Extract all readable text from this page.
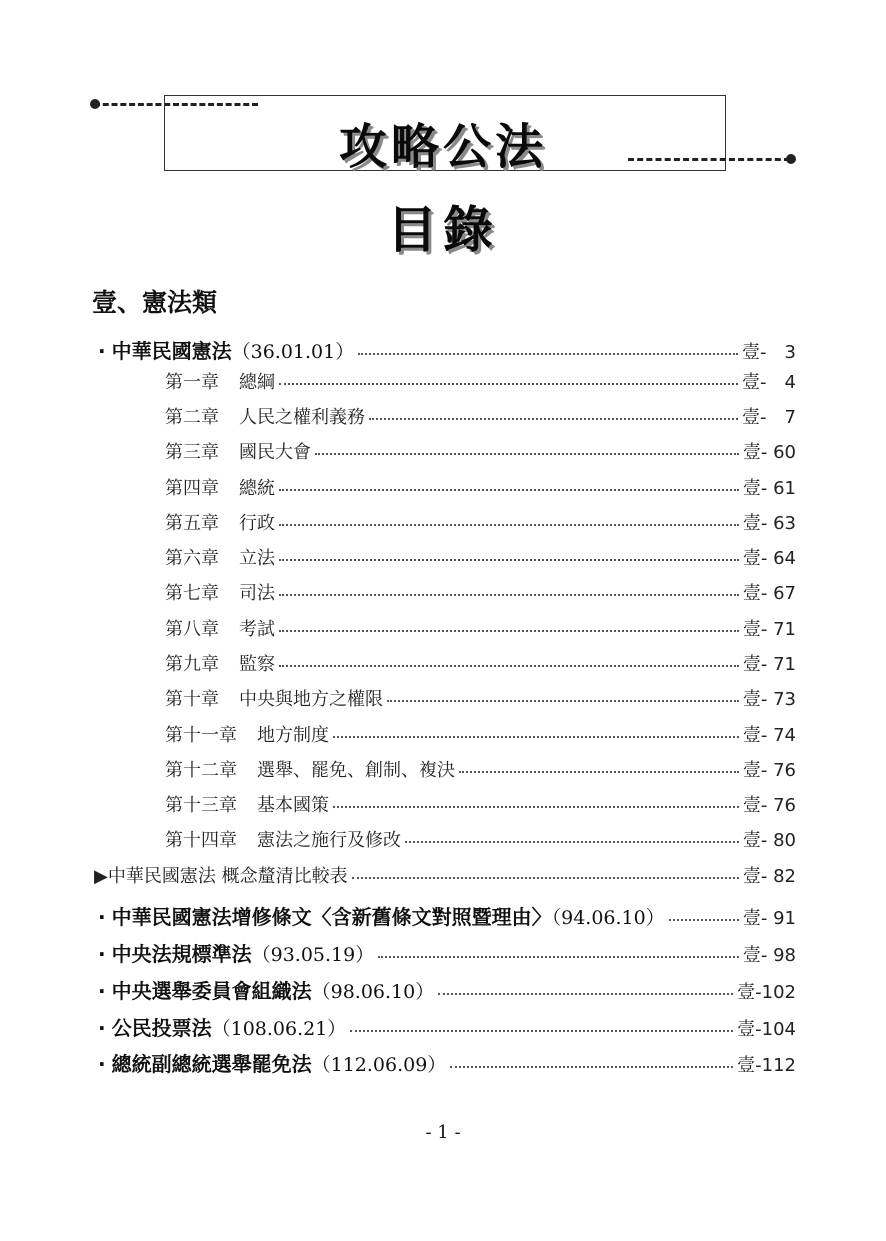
攻略公法
目錄
壹、憲法類
· 中華民國憲法（36.01.01）	壹-　3
第一章 總綱	壹-　4
第二章 人民之權利義務	壹-　7
第三章 國民大會	壹- 60
第四章 總統	壹- 61
第五章 行政	壹- 63
第六章 立法	壹- 64
第七章 司法	壹- 67
第八章 考試	壹- 71
第九章 監察	壹- 71
第十章 中央與地方之權限	壹- 73
第十一章 地方制度	壹- 74
第十二章 選舉、罷免、創制、複決	壹- 76
第十三章 基本國策	壹- 76
第十四章 憲法之施行及修改	壹- 80
▶中華民國憲法 概念釐清比較表	壹- 82
· 中華民國憲法增修條文〈含新舊條文對照暨理由〉（94.06.10）	壹- 91
· 中央法規標準法（93.05.19）	壹- 98
· 中央選舉委員會組織法（98.06.10）	壹-102
· 公民投票法（108.06.21）	壹-104
· 總統副總統選舉罷免法（112.06.09）	壹-112
- 1 -
